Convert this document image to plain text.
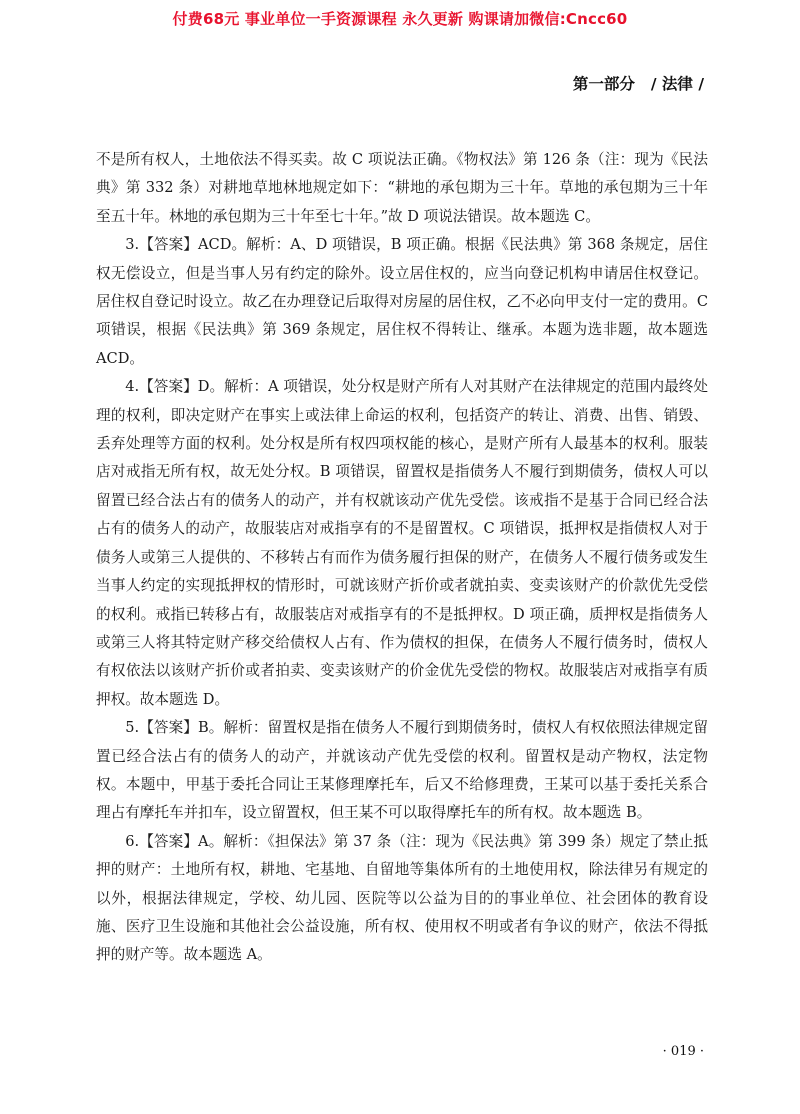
付费68元 事业单位一手资源课程 永久更新 购课请加微信:Cncc60
第一部分 / 法律 /

不是所有权人，土地依法不得买卖。故 C 项说法正确。《物权法》第 126 条（注：现为《民法典》第 332 条）对耕地草地林地规定如下：“耕地的承包期为三十年。草地的承包期为三十年至五十年。林地的承包期为三十年至七十年。”故 D 项说法错误。故本题选 C。

3.【答案】ACD。解析：A、D 项错误，B 项正确。根据《民法典》第 368 条规定，居住权无偿设立，但是当事人另有约定的除外。设立居住权的，应当向登记机构申请居住权登记。居住权自登记时设立。故乙在办理登记后取得对房屋的居住权，乙不必向甲支付一定的费用。C 项错误，根据《民法典》第 369 条规定，居住权不得转让、继承。本题为选非题，故本题选 ACD。

4.【答案】D。解析：A 项错误，处分权是财产所有人对其财产在法律规定的范围内最终处理的权利，即决定财产在事实上或法律上命运的权利，包括资产的转让、消费、出售、销毁、丢弃处理等方面的权利。处分权是所有权四项权能的核心，是财产所有人最基本的权利。服装店对戒指无所有权，故无处分权。B 项错误，留置权是指债务人不履行到期债务，债权人可以留置已经合法占有的债务人的动产，并有权就该动产优先受偿。该戒指不是基于合同已经合法占有的债务人的动产，故服装店对戒指享有的不是留置权。C 项错误，抵押权是指债权人对于债务人或第三人提供的、不移转占有而作为债务履行担保的财产，在债务人不履行债务或发生当事人约定的实现抵押权的情形时，可就该财产折价或者就拍卖、变卖该财产的价款优先受偿的权利。戒指已转移占有，故服装店对戒指享有的不是抵押权。D 项正确，质押权是指债务人或第三人将其特定财产移交给债权人占有、作为债权的担保，在债务人不履行债务时，债权人有权依法以该财产折价或者拍卖、变卖该财产的价金优先受偿的物权。故服装店对戒指享有质押权。故本题选 D。

5.【答案】B。解析：留置权是指在债务人不履行到期债务时，债权人有权依照法律规定留置已经合法占有的债务人的动产，并就该动产优先受偿的权利。留置权是动产物权，法定物权。本题中，甲基于委托合同让王某修理摩托车，后又不给修理费，王某可以基于委托关系合理占有摩托车并扣车，设立留置权，但王某不可以取得摩托车的所有权。故本题选 B。

6.【答案】A。解析：《担保法》第 37 条（注：现为《民法典》第 399 条）规定了禁止抵押的财产：土地所有权，耕地、宅基地、自留地等集体所有的土地使用权，除法律另有规定的以外，根据法律规定，学校、幼儿园、医院等以公益为目的的事业单位、社会团体的教育设施、医疗卫生设施和其他社会公益设施，所有权、使用权不明或者有争议的财产，依法不得抵押的财产等。故本题选 A。

· 019 ·
